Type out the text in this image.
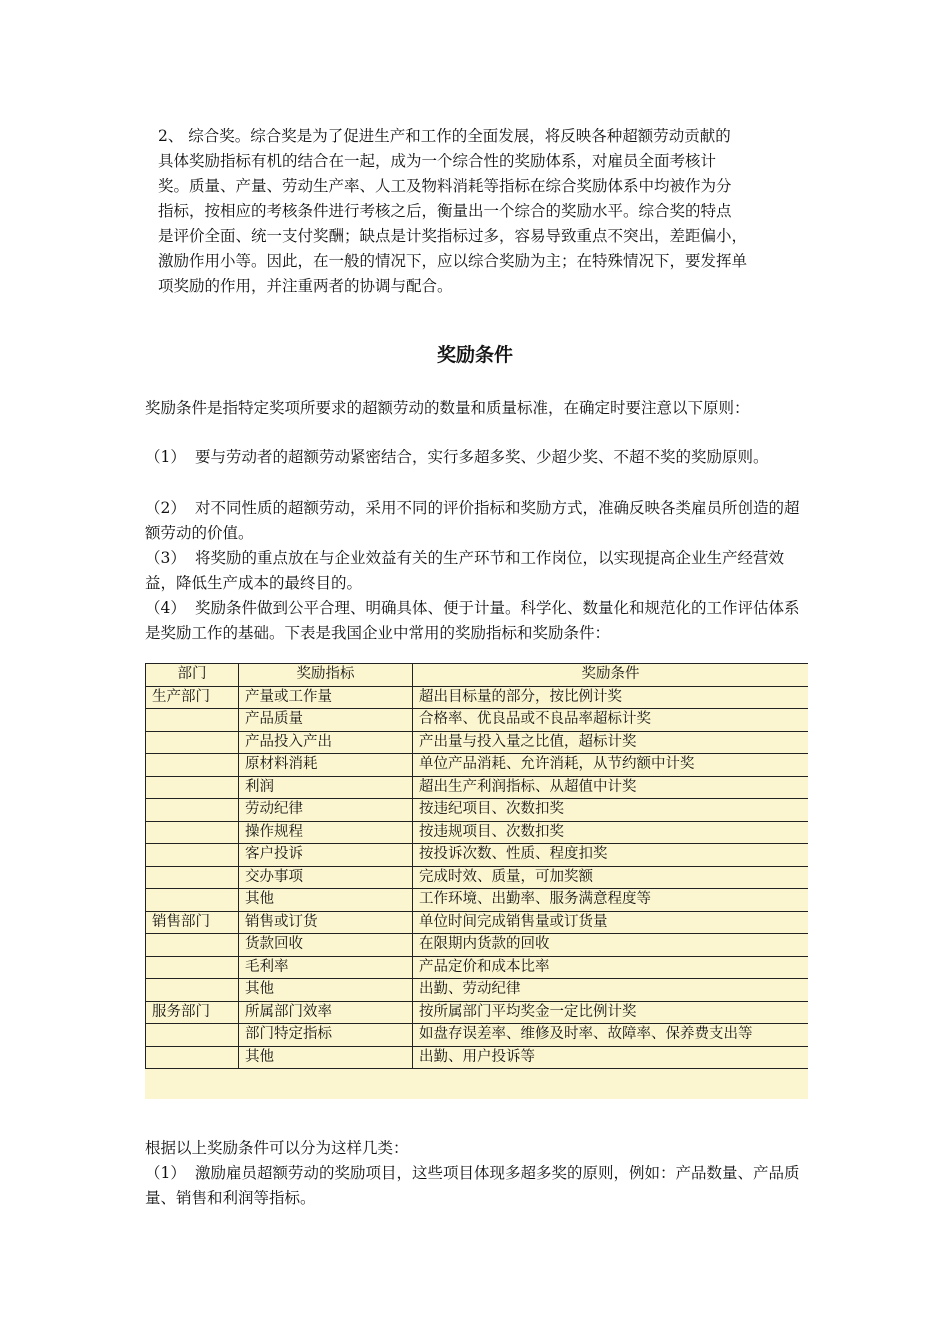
2、 综合奖。综合奖是为了促进生产和工作的全面发展，将反映各种超额劳动贡献的
具体奖励指标有机的结合在一起，成为一个综合性的奖励体系，对雇员全面考核计
奖。质量、产量、劳动生产率、人工及物料消耗等指标在综合奖励体系中均被作为分
指标，按相应的考核条件进行考核之后，衡量出一个综合的奖励水平。综合奖的特点
是评价全面、统一支付奖酬；缺点是计奖指标过多，容易导致重点不突出，差距偏小，
激励作用小等。因此，在一般的情况下，应以综合奖励为主；在特殊情况下，要发挥单
项奖励的作用，并注重两者的协调与配合。

奖励条件

奖励条件是指特定奖项所要求的超额劳动的数量和质量标准，在确定时要注意以下原则：

（1） 要与劳动者的超额劳动紧密结合，实行多超多奖、少超少奖、不超不奖的奖励原则。

（2） 对不同性质的超额劳动，采用不同的评价指标和奖励方式，准确反映各类雇员所创造的超额劳动的价值。

（3） 将奖励的重点放在与企业效益有关的生产环节和工作岗位，以实现提高企业生产经营效益，降低生产成本的最终目的。

（4） 奖励条件做到公平合理、明确具体、便于计量。科学化、数量化和规范化的工作评估体系是奖励工作的基础。下表是我国企业中常用的奖励指标和奖励条件：

部门	奖励指标	奖励条件
生产部门	产量或工作量	超出目标量的部分，按比例计奖
	产品质量	合格率、优良品或不良品率超标计奖
	产品投入产出	产出量与投入量之比值，超标计奖
	原材料消耗	单位产品消耗、允许消耗，从节约额中计奖
	利润	超出生产利润指标、从超值中计奖
	劳动纪律	按违纪项目、次数扣奖
	操作规程	按违规项目、次数扣奖
	客户投诉	按投诉次数、性质、程度扣奖
	交办事项	完成时效、质量，可加奖额
	其他	工作环境、出勤率、服务满意程度等
销售部门	销售或订货	单位时间完成销售量或订货量
	货款回收	在限期内货款的回收
	毛利率	产品定价和成本比率
	其他	出勤、劳动纪律
服务部门	所属部门效率	按所属部门平均奖金一定比例计奖
	部门特定指标	如盘存误差率、维修及时率、故障率、保养费支出等
	其他	出勤、用户投诉等

根据以上奖励条件可以分为这样几类：

（1） 激励雇员超额劳动的奖励项目，这些项目体现多超多奖的原则，例如：产品数量、产品质量、销售和利润等指标。
